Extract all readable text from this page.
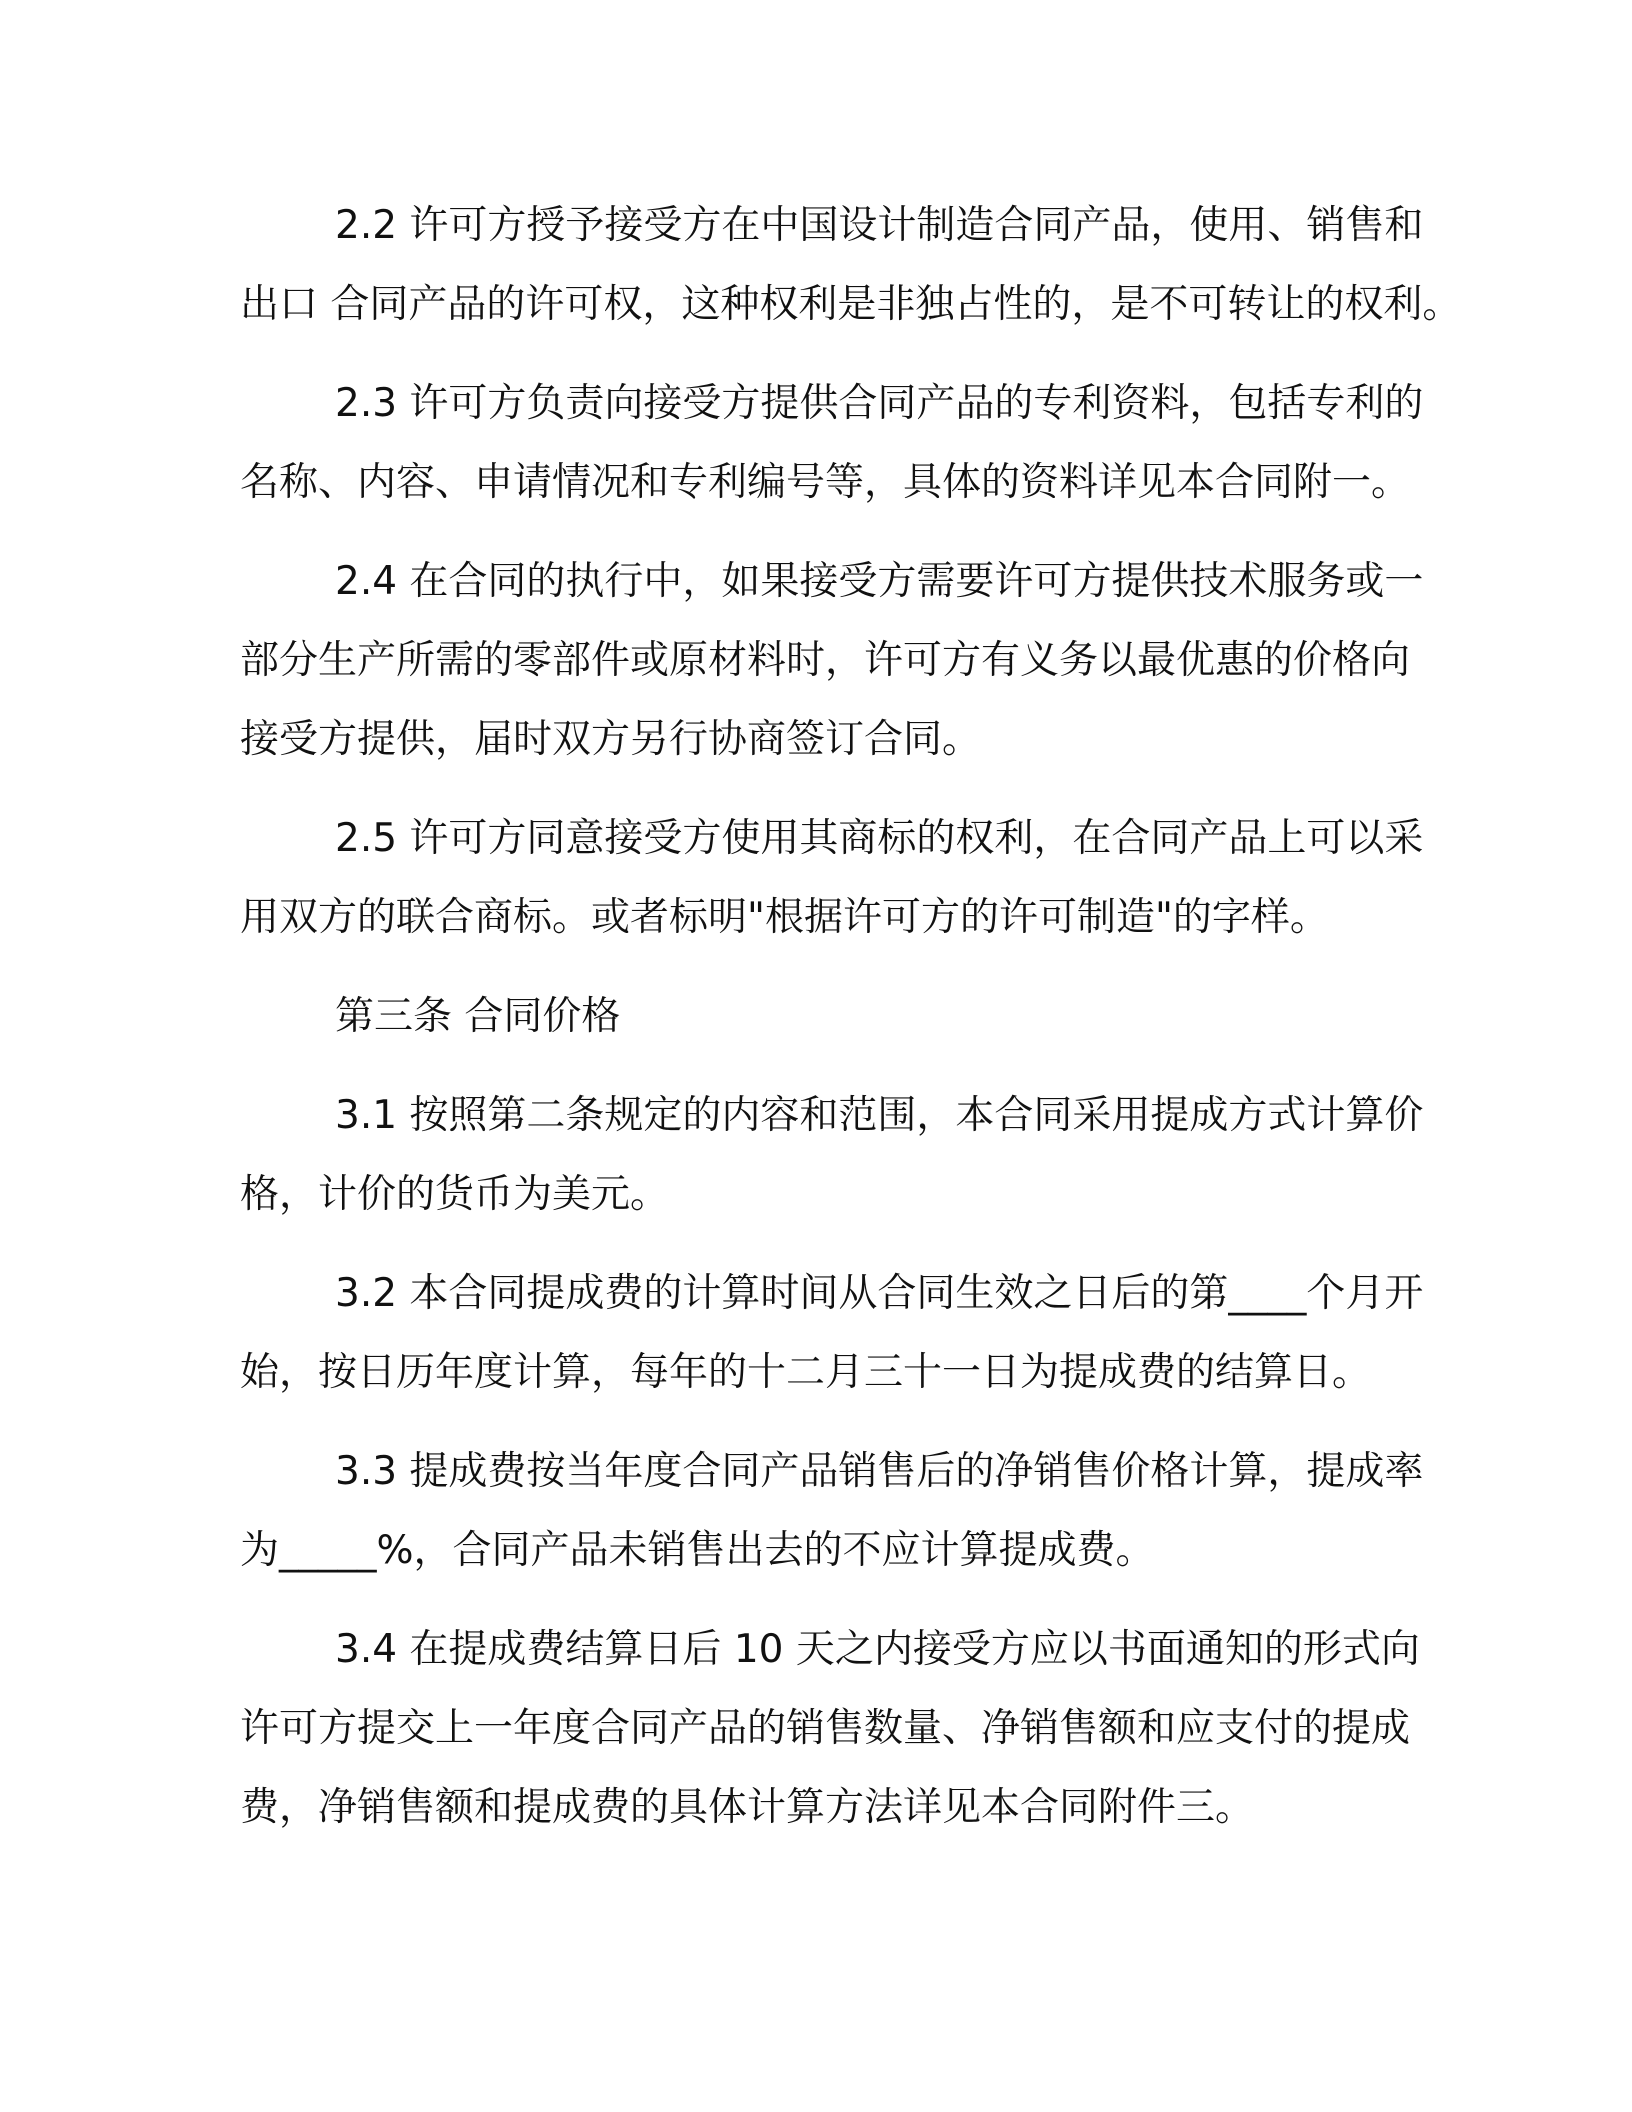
2.2 许可方授予接受方在中国设计制造合同产品，使用、销售和
出口 合同产品的许可权，这种权利是非独占性的，是不可转让的权利。

2.3 许可方负责向接受方提供合同产品的专利资料，包括专利的
名称、内容、申请情况和专利编号等，具体的资料详见本合同附一。

2.4 在合同的执行中，如果接受方需要许可方提供技术服务或一
部分生产所需的零部件或原材料时，许可方有义务以最优惠的价格向
接受方提供，届时双方另行协商签订合同。

2.5 许可方同意接受方使用其商标的权利，在合同产品上可以采
用双方的联合商标。或者标明"根据许可方的许可制造"的字样。

第三条 合同价格

3.1 按照第二条规定的内容和范围，本合同采用提成方式计算价
格，计价的货币为美元。

3.2 本合同提成费的计算时间从合同生效之日后的第____个月开
始，按日历年度计算，每年的十二月三十一日为提成费的结算日。

3.3 提成费按当年度合同产品销售后的净销售价格计算，提成率
为_____%，合同产品未销售出去的不应计算提成费。

3.4 在提成费结算日后 10 天之内接受方应以书面通知的形式向
许可方提交上一年度合同产品的销售数量、净销售额和应支付的提成
费，净销售额和提成费的具体计算方法详见本合同附件三。
